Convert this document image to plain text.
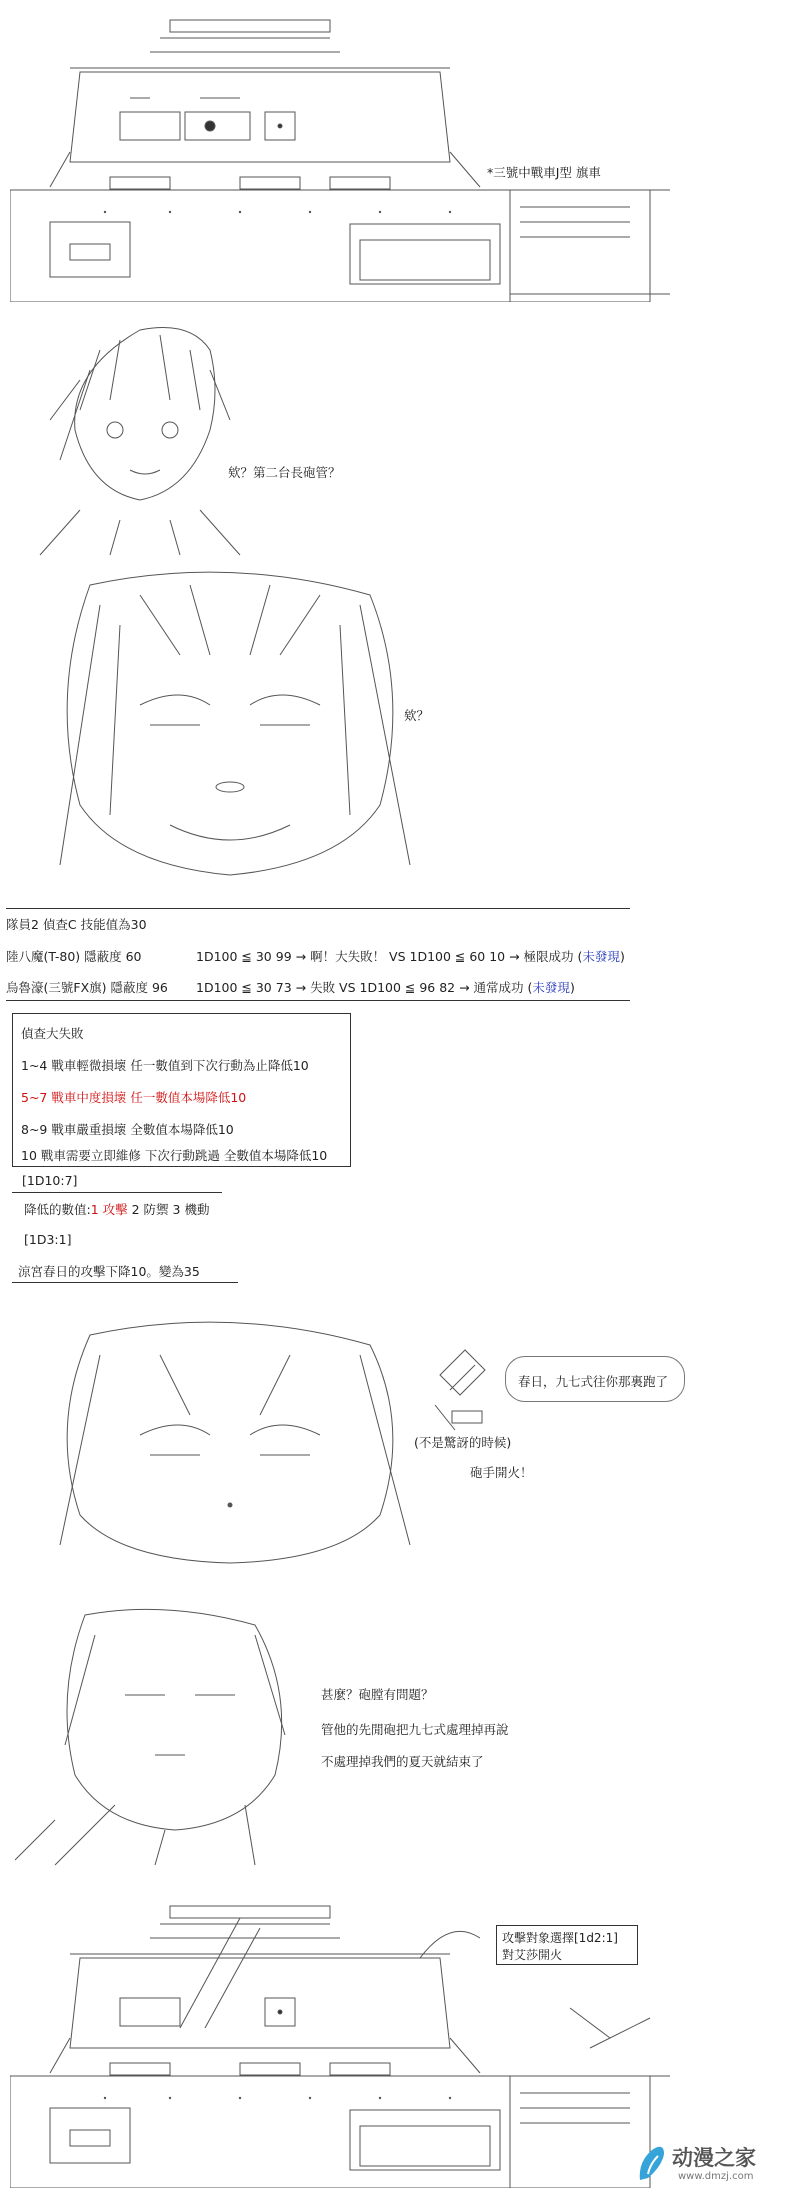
*三號中戰車J型 旗車
欸？第二台長砲管？
欸？
隊員2 偵查C 技能值為30
陸八魔(T-80) 隱蔽度 60	1D100 ≦ 30 99 → 啊！大失敗！ VS 1D100 ≦ 60 10 → 極限成功 (未發現)
烏魯濠(三號FX旗) 隱蔽度 96 1D100 ≦ 30 73 → 失敗 VS 1D100 ≦ 96 82 → 通常成功 (未發現)
偵查大失敗
1~4 戰車輕微損壞 任一數值到下次行動為止降低10
5~7 戰車中度損壞 任一數值本場降低10
8~9 戰車嚴重損壞 全數值本場降低10
10 戰車需要立即維修 下次行動跳過 全數值本場降低10
[1D10:7]
降低的數值:1 攻擊 2 防禦 3 機動
[1D3:1]
涼宮春日的攻擊下降10。變為35
春日，九七式往你那裏跑了
(不是驚訝的時候)
砲手開火！
甚麼？砲膛有問題？
管他的先閒砲把九七式處理掉再說
不處理掉我們的夏天就結束了
攻擊對象選擇[1d2:1]
對艾莎開火
动漫之家
www.dmzj.com
